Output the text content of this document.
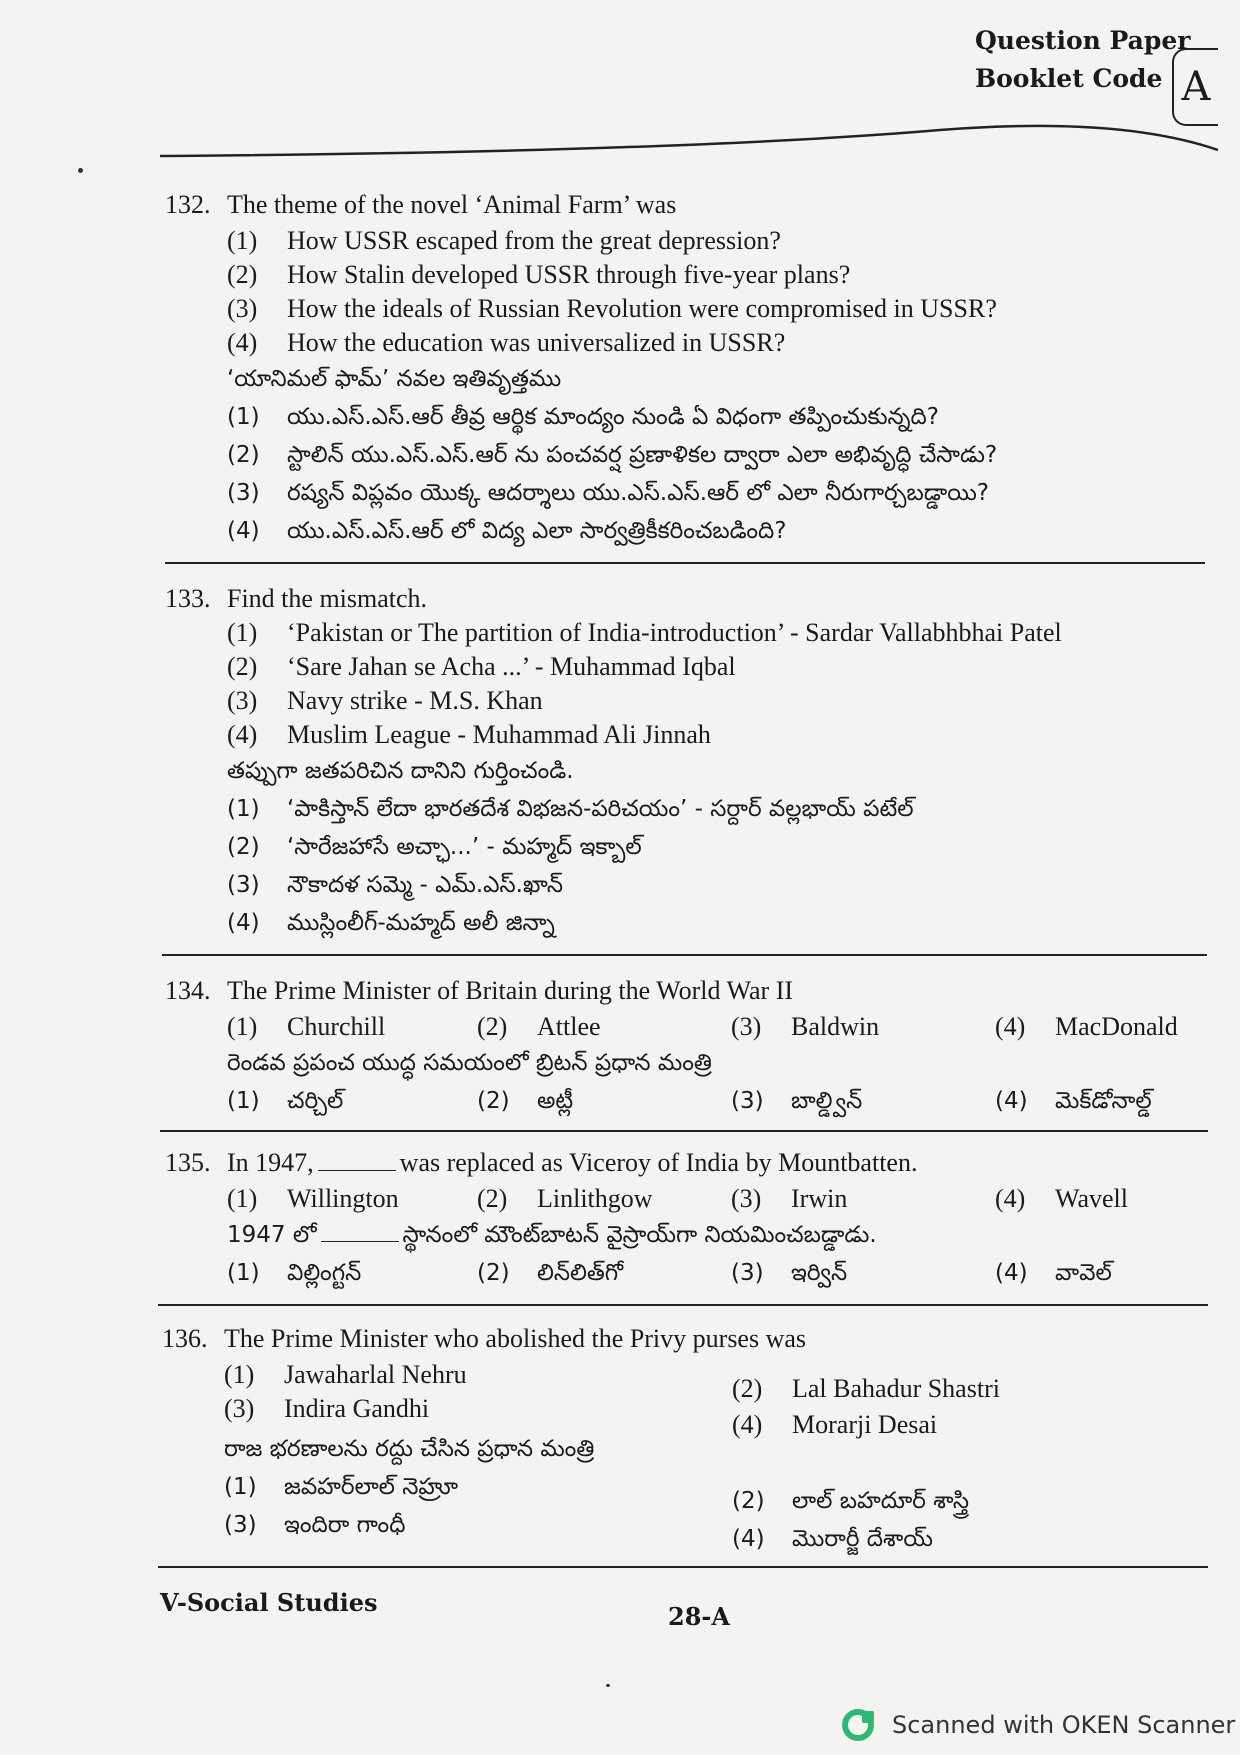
Question Paper
Booklet Code A
132. The theme of the novel ‘Animal Farm’ was
(1) How USSR escaped from the great depression?
(2) How Stalin developed USSR through five-year plans?
(3) How the ideals of Russian Revolution were compromised in USSR?
(4) How the education was universalized in USSR?
‘యానిమల్ ఫామ్’ నవల ఇతివృత్తము
(1) యు.ఎస్.ఎస్.ఆర్ తీవ్ర ఆర్థిక మాంద్యం నుండి ఏ విధంగా తప్పించుకున్నది?
(2) స్టాలిన్ యు.ఎస్.ఎస్.ఆర్ ను పంచవర్ష ప్రణాళికల ద్వారా ఎలా అభివృద్ధి చేసాడు?
(3) రష్యన్ విప్లవం యొక్క ఆదర్శాలు యు.ఎస్.ఎస్.ఆర్ లో ఎలా నీరుగార్చబడ్డాయి?
(4) యు.ఎస్.ఎస్.ఆర్ లో విద్య ఎలా సార్వత్రికీకరించబడింది?
133. Find the mismatch.
(1) ‘Pakistan or The partition of India-introduction’ - Sardar Vallabhbhai Patel
(2) ‘Sare Jahan se Acha ...’ - Muhammad Iqbal
(3) Navy strike - M.S. Khan
(4) Muslim League - Muhammad Ali Jinnah
తప్పుగా జతపరిచిన దానిని గుర్తించండి.
(1) ‘పాకిస్తాన్ లేదా భారతదేశ విభజన-పరిచయం’ - సర్దార్ వల్లభాయ్ పటేల్
(2) ‘సారేజహాసే అచ్ఛా...’ - మహ్మద్ ఇక్బాల్
(3) నౌకాదళ సమ్మె - ఎమ్.ఎస్.ఖాన్
(4) ముస్లింలీగ్-మహ్మద్ అలీ జిన్నా
134. The Prime Minister of Britain during the World War II
(1) Churchill	(2) Attlee	(3) Baldwin	(4) MacDonald
రెండవ ప్రపంచ యుద్ధ సమయంలో బ్రిటన్ ప్రధాన మంత్రి
(1) చర్చిల్	(2) అట్లీ	(3) బాల్డ్విన్	(4) మెక్‌డోనాల్డ్
135. In 1947,	was replaced as Viceroy of India by Mountbatten.
(1) Willington	(2) Linlithgow	(3) Irwin	(4) Wavell
1947 లో	స్థానంలో మౌంట్‌బాటన్ వైస్రాయ్‌గా నియమించబడ్డాడు.
(1) విల్లింగ్టన్	(2) లిన్‌లిత్‌గో	(3) ఇర్విన్	(4) వావెల్
136. The Prime Minister who abolished the Privy purses was
(1) Jawaharlal Nehru	(2) Lal Bahadur Shastri
(3) Indira Gandhi
(4) Morarji Desai
రాజ భరణాలను రద్దు చేసిన ప్రధాన మంత్రి
(1) జవహర్‌లాల్ నెహ్రూ
(2) లాల్ బహదూర్ శాస్త్రి
(3) ఇందిరా గాంధీ
(4) మొరార్జీ దేశాయ్
V-Social Studies	28-A
Scanned with OKEN Scanner
